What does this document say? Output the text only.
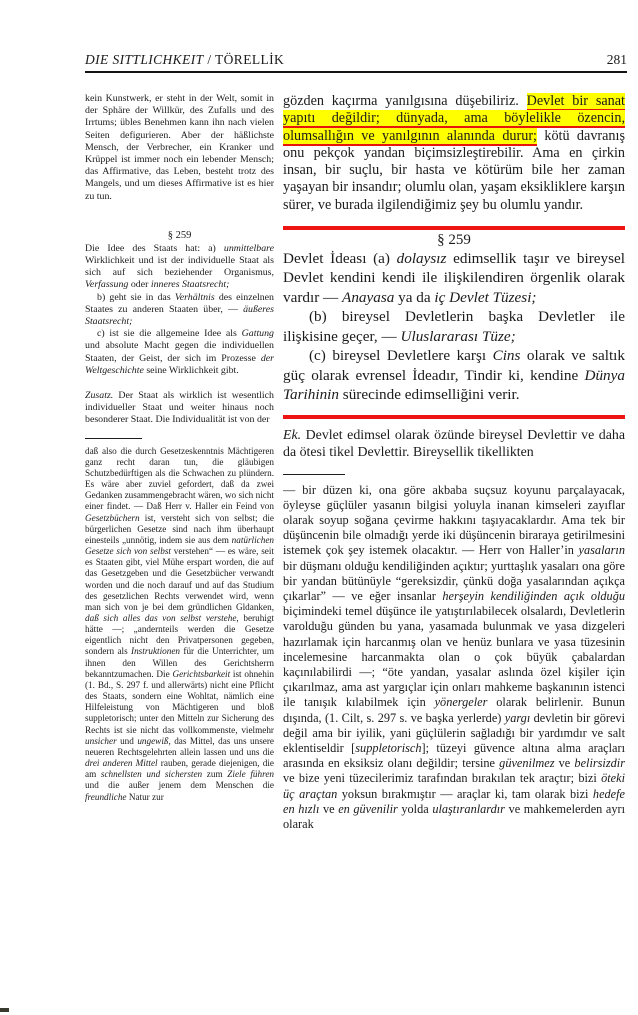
DIE SITTLICHKEIT / TÖRELLİK	281

kein Kunstwerk, er steht in der Welt, somit in der Sphäre der Willkür, des Zufalls und des Irrtums; übles Benehmen kann ihn nach vielen Seiten defigurieren. Aber der häßlichste Mensch, der Verbrecher, ein Kranker und Krüppel ist immer noch ein lebender Mensch; das Affirmative, das Leben, besteht trotz des Mangels, und um dieses Affirmative ist es hier zu tun.

§ 259

Die Idee des Staats hat: a) unmittelbare Wirklichkeit und ist der individuelle Staat als sich auf sich beziehender Organismus, Verfassung oder inneres Staatsrecht;

b) geht sie in das Verhältnis des einzelnen Staates zu anderen Staaten über, — äußeres Staatsrecht;

c) ist sie die allgemeine Idee als Gattung und absolute Macht gegen die individuellen Staaten, der Geist, der sich im Prozesse der Weltgeschichte seine Wirklichkeit gibt.

Zusatz. Der Staat als wirklich ist wesentlich individueller Staat und weiter hinaus noch besonderer Staat. Die Individualität ist von der

daß also die durch Gesetzeskenntnis Mächtigeren ganz recht daran tun, die gläubigen Schutzbedürftigen als die Schwachen zu plündern. Es wäre aber zuviel gefordert, daß da zwei Gedanken zusammengebracht wären, wo sich nicht einer findet. — Daß Herr v. Haller ein Feind von Gesetzbüchern ist, versteht sich von selbst; die bürgerlichen Gesetze sind nach ihm überhaupt einesteils „unnötig, indem sie aus dem natürlichen Gesetze sich von selbst verstehen“ — es wäre, seit es Staaten gibt, viel Mühe erspart worden, die auf das Gesetzgeben und die Gesetzbücher verwandt worden und die noch darauf und auf das Studium des gesetzlichen Rechts verwendet wird, wenn man sich von je bei dem gründlichen Gldanken, daß sich alles das von selbst verstehe, beruhigt hätte —; „andernteils werden die Gesetze eigentlich nicht den Privatpersonen gegeben, sondern als Instruktionen für die Unterrichter, um ihnen den Willen des Gerichtsherrn bekanntzumachen. Die Gerichtsbarkeit ist ohnehin (1. Bd., S. 297 f. und allerwärts) nicht eine Pflicht des Staats, sondern eine Wohltat, nämlich eine Hilfeleistung von Mächtigeren und bloß suppletorisch; unter den Mitteln zur Sicherung des Rechts ist sie nicht das vollkommenste, vielmehr unsicher und ungewiß, das Mittel, das uns unsere neueren Rechtsgelehrten allein lassen und uns die drei anderen Mittel rauben, gerade diejenigen, die am schnellsten und sichersten zum Ziele führen und die außer jenem dem Menschen die freundliche Natur zur

gözden kaçırma yanılgısına düşebiliriz. Devlet bir sanat yapıtı değildir; dünyada, ama böylelikle özencin, olumsallığın ve yanılgının alanında durur; kötü davranış onu pekçok yandan biçimsizleştirebilir. Ama en çirkin insan, bir suçlu, bir hasta ve kötürüm bile her zaman yaşayan bir insandır; olumlu olan, yaşam eksikliklere karşın sürer, ve burada ilgilendiğimiz şey bu olumlu yandır.

§ 259

Devlet İdeası (a) dolaysız edimsellik taşır ve bireysel Devlet kendini kendi ile ilişkilendiren örgenlik olarak vardır — Anayasa ya da iç Devlet Tüzesi;

(b) bireysel Devletlerin başka Devletler ile ilişkisine geçer, — Uluslararası Tüze;

(c) bireysel Devletlere karşı Cins olarak ve saltık güç olarak evrensel İdeadır, Tindir ki, kendine Dünya Tarihinin sürecinde edimselliğini verir.

Ek. Devlet edimsel olarak özünde bireysel Devlettir ve daha da ötesi tikel Devlettir. Bireysellik tikellikten

— bir düzen ki, ona göre akbaba suçsuz koyunu parçalayacak, öyleyse güçlüler yasanın bilgisi yoluyla inanan kimseleri zayıflar olarak soyup soğana çevirme hakkını taşıyacaklardır. Ama tek bir düşüncenin bile olmadığı yerde iki düşüncenin biraraya getirilmesini istemek çok şey istemek olacaktır. — Herr von Haller’in yasaların bir düşmanı olduğu kendiliğinden açıktır; yurttaşlık yasaları ona göre bir yandan bütünüyle “gereksizdir, çünkü doğa yasalarından açıkça çıkarlar” — ve eğer insanlar herşeyin kendiliğinden açık olduğu biçimindeki temel düşünce ile yatıştırılabilecek olsalardı, Devletlerin varolduğu günden bu yana, yasamada bulunmak ve yasa dizgeleri hazırlamak için harcanmış olan ve henüz bunlara ve yasa tüzesinin incelemesine harcanmakta olan o çok büyük çabalardan kaçınılabilirdi —; “öte yandan, yasalar aslında özel kişiler için çıkarılmaz, ama ast yargıçlar için onları mahkeme başkanının istenci ile tanışık kılabilmek için yönergeler olarak belirlenir. Bunun dışında, (1. Cilt, s. 297 s. ve başka yerlerde) yargı devletin bir görevi değil ama bir iyilik, yani güçlülerin sağladığı bir yardımdır ve salt eklentiseldir [suppletorisch]; tüzeyi güvence altına alma araçları arasında en eksiksiz olanı değildir; tersine güvenilmez ve belirsizdir ve bize yeni tüzecilerimiz tarafından bırakılan tek araçtır; bizi öteki üç araçtan yoksun bırakmıştır — araçlar ki, tam olarak bizi hedefe en hızlı ve en güvenilir yolda ulaştıranlardır ve mahkemelerden ayrı olarak
